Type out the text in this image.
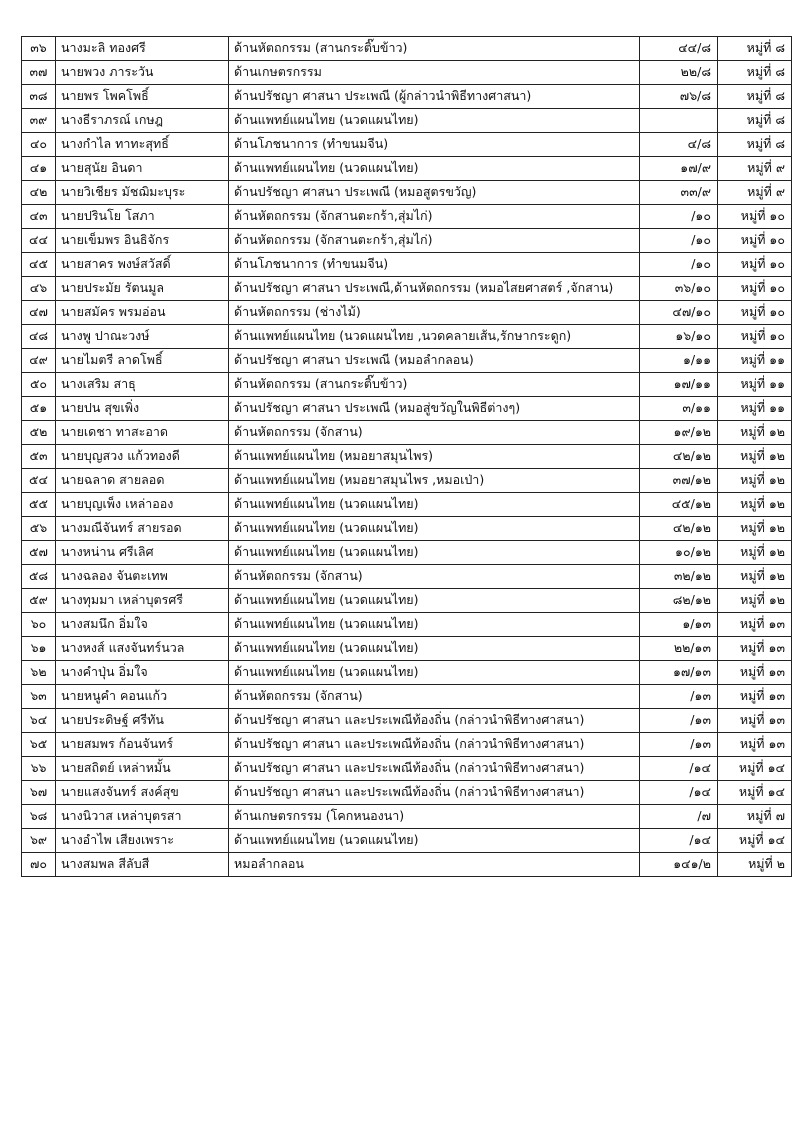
๓๖	นางมะลิ ทองศรี	ด้านหัตถกรรม (สานกระติ๊บข้าว)	๔๔/๘	หมู่ที่ ๘
๓๗	นายพวง ภาระวัน	ด้านเกษตรกรรม	๒๒/๘	หมู่ที่ ๘
๓๘	นายพร โพคโพธิ์	ด้านปรัชญา ศาสนา ประเพณี (ผู้กล่าวนำพิธีทางศาสนา)	๗๖/๘	หมู่ที่ ๘
๓๙	นางธีราภรณ์ เกษฎ	ด้านแพทย์แผนไทย (นวดแผนไทย)		หมู่ที่ ๘
๔๐	นางกำไล ทาทะสุทธิ์	ด้านโภชนาการ (ทำขนมจีน)	๔/๘	หมู่ที่ ๘
๔๑	นายสุนัย อินดา	ด้านแพทย์แผนไทย (นวดแผนไทย)	๑๗/๙	หมู่ที่ ๙
๔๒	นายวิเชียร มัชฌิมะบุระ	ด้านปรัชญา ศาสนา ประเพณี (หมอสูตรขวัญ)	๓๓/๙	หมู่ที่ ๙
๔๓	นายปรินโย โสภา	ด้านหัตถกรรม (จักสานตะกร้า,สุ่มไก่)	/๑๐	หมู่ที่ ๑๐
๔๔	นายเข็มพร อินธิจักร	ด้านหัตถกรรม (จักสานตะกร้า,สุ่มไก่)	/๑๐	หมู่ที่ ๑๐
๔๕	นายสาคร พงษ์สวัสดิ์	ด้านโภชนาการ (ทำขนมจีน)	/๑๐	หมู่ที่ ๑๐
๔๖	นายประมัย รัตนมูล	ด้านปรัชญา ศาสนา ประเพณี,ด้านหัตถกรรม (หมอไสยศาสตร์ ,จักสาน)	๓๖/๑๐	หมู่ที่ ๑๐
๔๗	นายสมัคร พรมอ่อน	ด้านหัตถกรรม (ช่างไม้)	๔๗/๑๐	หมู่ที่ ๑๐
๔๘	นางพู ปาณะวงษ์	ด้านแพทย์แผนไทย (นวดแผนไทย ,นวดคลายเส้น,รักษากระดูก)	๑๖/๑๐	หมู่ที่ ๑๐
๔๙	นายไมตรี ลาดโพธิ์	ด้านปรัชญา ศาสนา ประเพณี (หมอลำกลอน)	๑/๑๑	หมู่ที่ ๑๑
๕๐	นางเสริม สาธุ	ด้านหัตถกรรม (สานกระติ๊บข้าว)	๑๗/๑๑	หมู่ที่ ๑๑
๕๑	นายปน สุขเพิ่ง	ด้านปรัชญา ศาสนา ประเพณี (หมอสู่ขวัญในพิธีต่างๆ)	๓/๑๑	หมู่ที่ ๑๑
๕๒	นายเดชา ทาสะอาด	ด้านหัตถกรรม (จักสาน)	๑๙/๑๒	หมู่ที่ ๑๒
๕๓	นายบุญสวง แก้วทองดี	ด้านแพทย์แผนไทย (หมอยาสมุนไพร)	๔๒/๑๒	หมู่ที่ ๑๒
๕๔	นายฉลาด สายลอด	ด้านแพทย์แผนไทย (หมอยาสมุนไพร ,หมอเป่า)	๓๗/๑๒	หมู่ที่ ๑๒
๕๕	นายบุญเพ็ง เหล่าออง	ด้านแพทย์แผนไทย (นวดแผนไทย)	๔๕/๑๒	หมู่ที่ ๑๒
๕๖	นางมณีจันทร์ สายรอด	ด้านแพทย์แผนไทย (นวดแผนไทย)	๔๒/๑๒	หมู่ที่ ๑๒
๕๗	นางหน่าน ศรีเลิศ	ด้านแพทย์แผนไทย (นวดแผนไทย)	๑๐/๑๒	หมู่ที่ ๑๒
๕๘	นางฉลอง จันตะเทพ	ด้านหัตถกรรม (จักสาน)	๓๒/๑๒	หมู่ที่ ๑๒
๕๙	นางทุมมา เหล่าบุตรศรี	ด้านแพทย์แผนไทย (นวดแผนไทย)	๘๒/๑๒	หมู่ที่ ๑๒
๖๐	นางสมนึก อิ่มใจ	ด้านแพทย์แผนไทย (นวดแผนไทย)	๑/๑๓	หมู่ที่ ๑๓
๖๑	นางหงส์ แสงจันทร์นวล	ด้านแพทย์แผนไทย (นวดแผนไทย)	๒๒/๑๓	หมู่ที่ ๑๓
๖๒	นางคำปุ่น อิ่มใจ	ด้านแพทย์แผนไทย (นวดแผนไทย)	๑๗/๑๓	หมู่ที่ ๑๓
๖๓	นายหนูคำ คอนแก้ว	ด้านหัตถกรรม (จักสาน)	/๑๓	หมู่ที่ ๑๓
๖๔	นายประดิษฐ์ ศรีทัน	ด้านปรัชญา ศาสนา และประเพณีท้องถิ่น (กล่าวนำพิธีทางศาสนา)	/๑๓	หมู่ที่ ๑๓
๖๕	นายสมพร ก้อนจันทร์	ด้านปรัชญา ศาสนา และประเพณีท้องถิ่น (กล่าวนำพิธีทางศาสนา)	/๑๓	หมู่ที่ ๑๓
๖๖	นายสถิตย์ เหล่าหมั้น	ด้านปรัชญา ศาสนา และประเพณีท้องถิ่น (กล่าวนำพิธีทางศาสนา)	/๑๔	หมู่ที่ ๑๔
๖๗	นายแสงจันทร์ สงค์สุข	ด้านปรัชญา ศาสนา และประเพณีท้องถิ่น (กล่าวนำพิธีทางศาสนา)	/๑๔	หมู่ที่ ๑๔
๖๘	นางนิวาส เหล่าบุตรสา	ด้านเกษตรกรรม (โคกหนองนา)	/๗	หมู่ที่ ๗
๖๙	นางอำไพ เสียงเพราะ	ด้านแพทย์แผนไทย (นวดแผนไทย)	/๑๔	หมู่ที่ ๑๔
๗๐	นางสมพล สีลับสี	หมอลำกลอน	๑๔๑/๒	หมู่ที่ ๒
